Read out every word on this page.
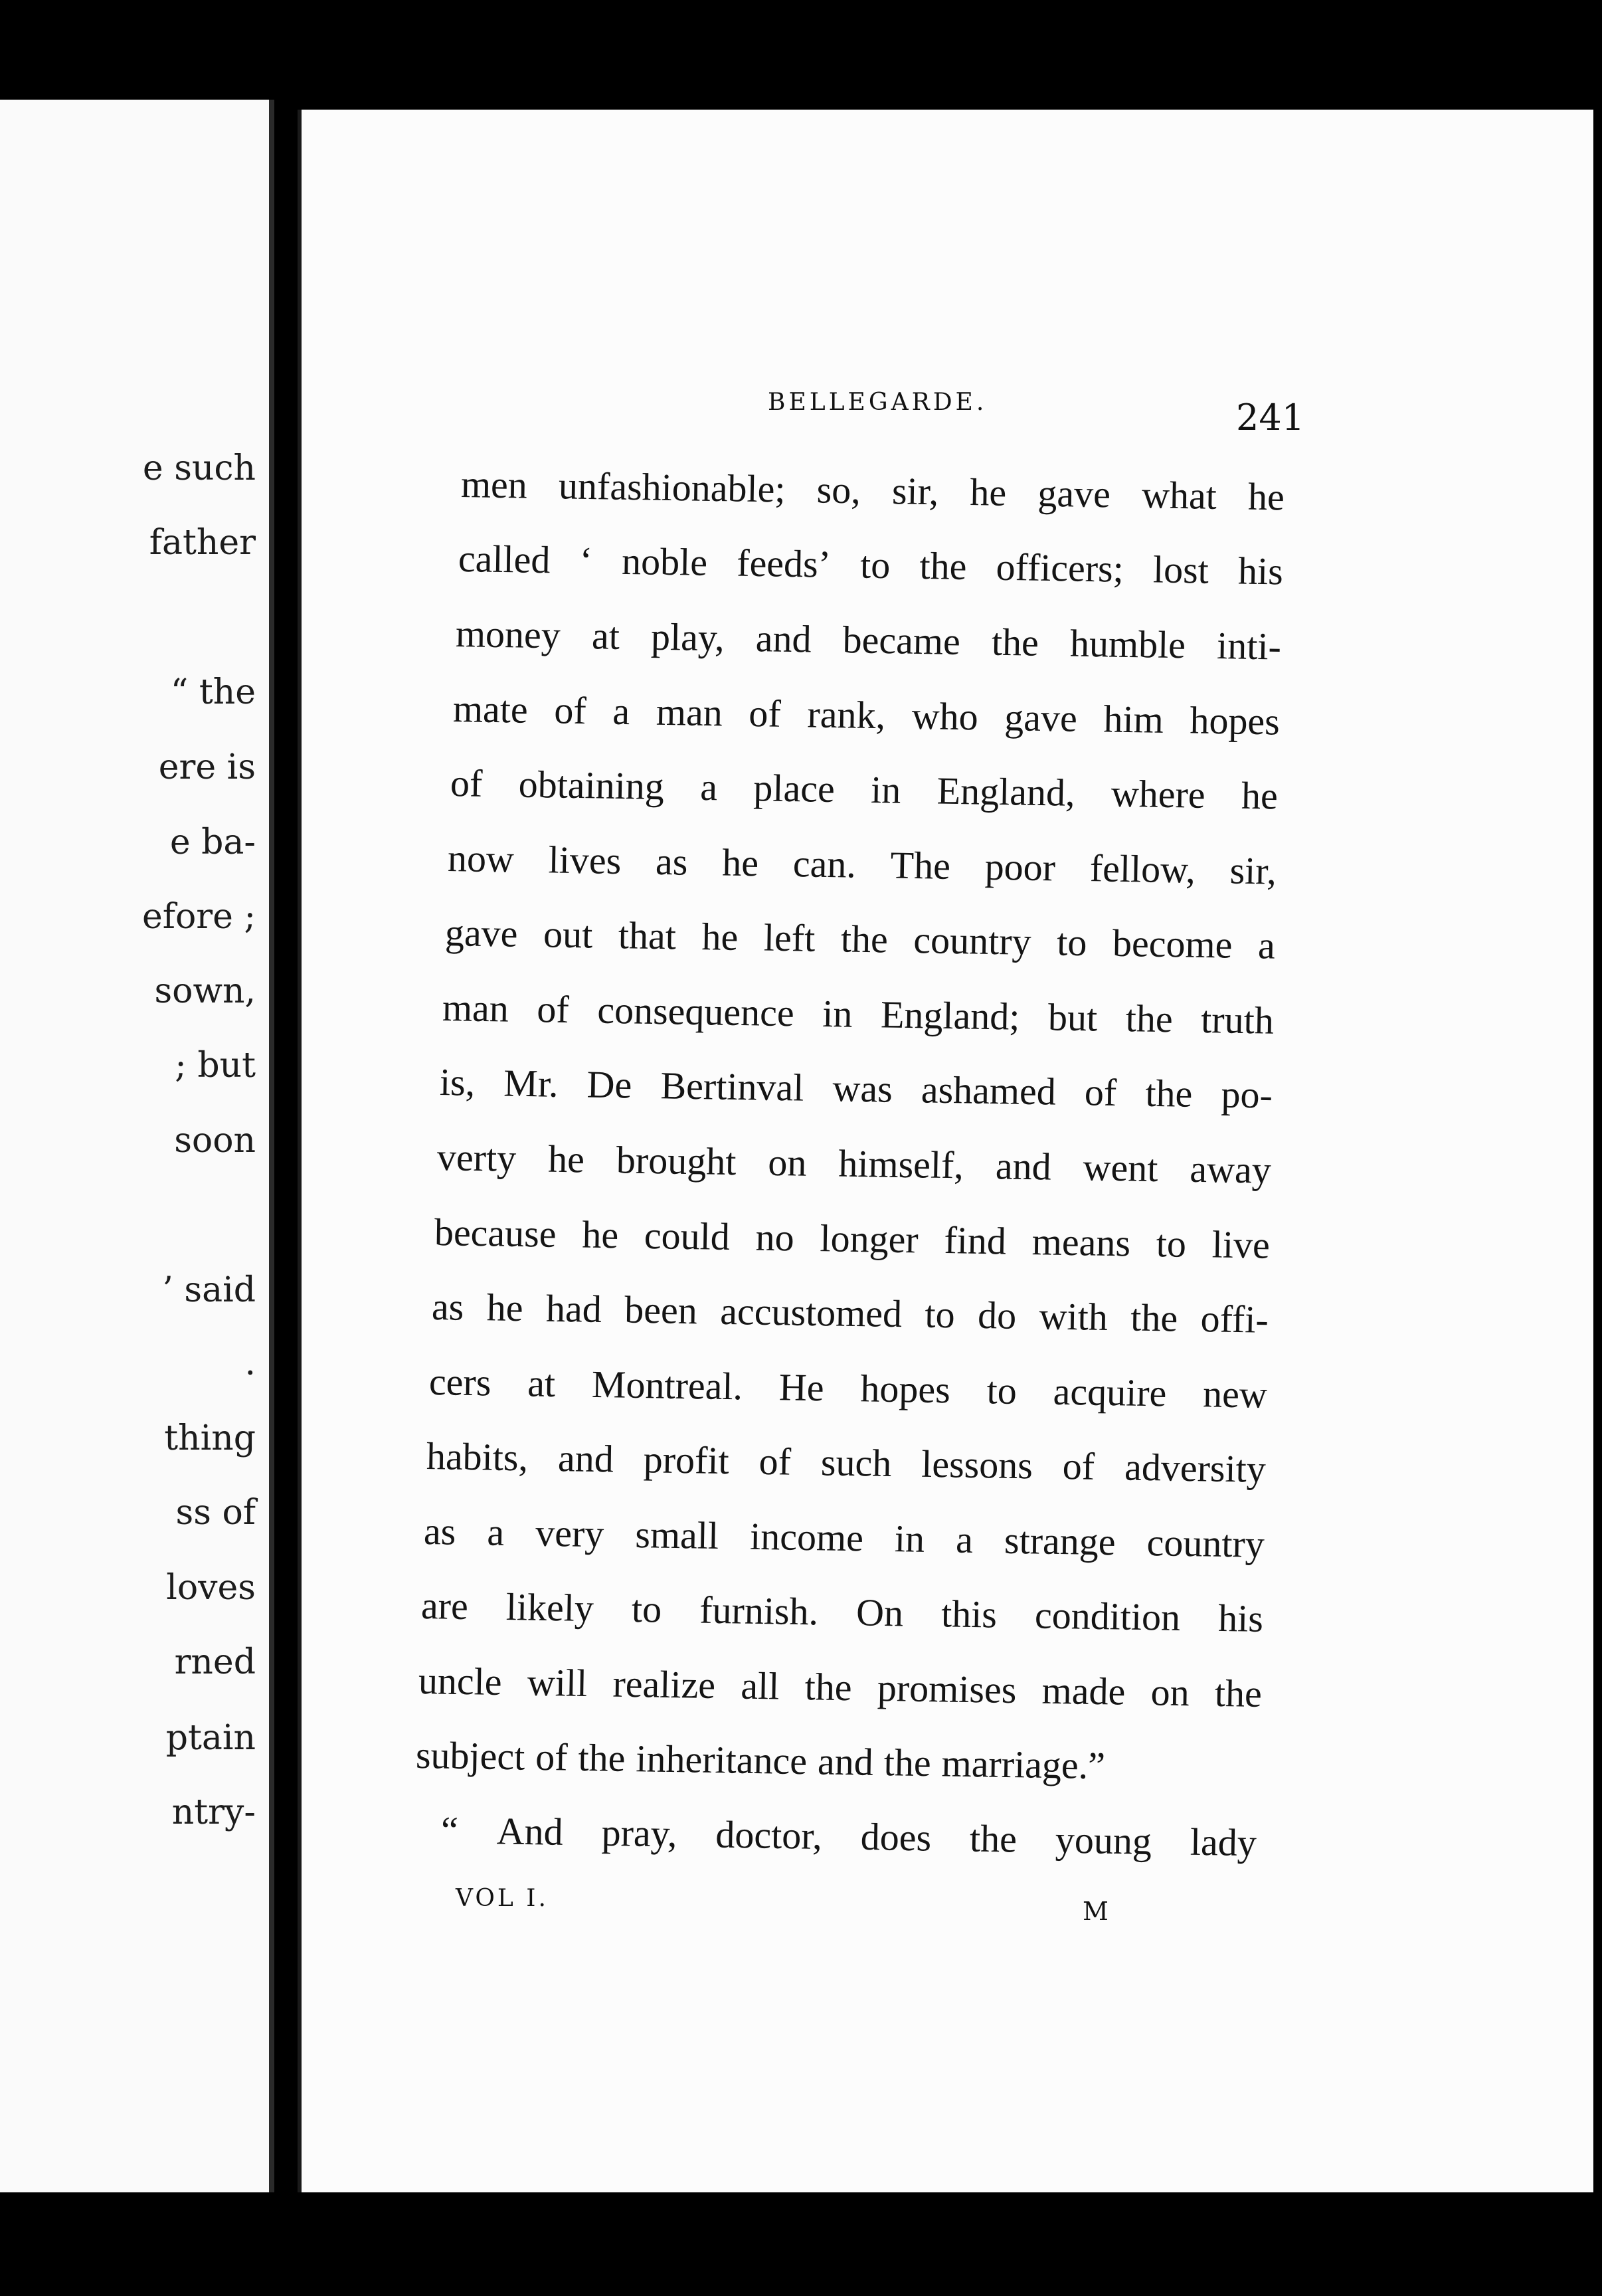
e such
father
“ the
ere is
e ba-
efore ;
sown,
; but
soon
’ said
.
thing
ss of
loves
rned
ptain
ntry-
BELLEGARDE.	241
men unfashionable; so, sir, he gave what he
called ‘ noble feeds’ to the officers; lost his
money at play, and became the humble inti-
mate of a man of rank, who gave him hopes
of obtaining a place in England, where he
now lives as he can. The poor fellow, sir,
gave out that he left the country to become a
man of consequence in England; but the truth
is, Mr. De Bertinval was ashamed of the po-
verty he brought on himself, and went away
because he could no longer find means to live
as he had been accustomed to do with the offi-
cers at Montreal. He hopes to acquire new
habits, and profit of such lessons of adversity
as a very small income in a strange country
are likely to furnish. On this condition his
uncle will realize all the promises made on the
subject of the inheritance and the marriage.”
“ And pray, doctor, does the young lady
VOL I.	M
